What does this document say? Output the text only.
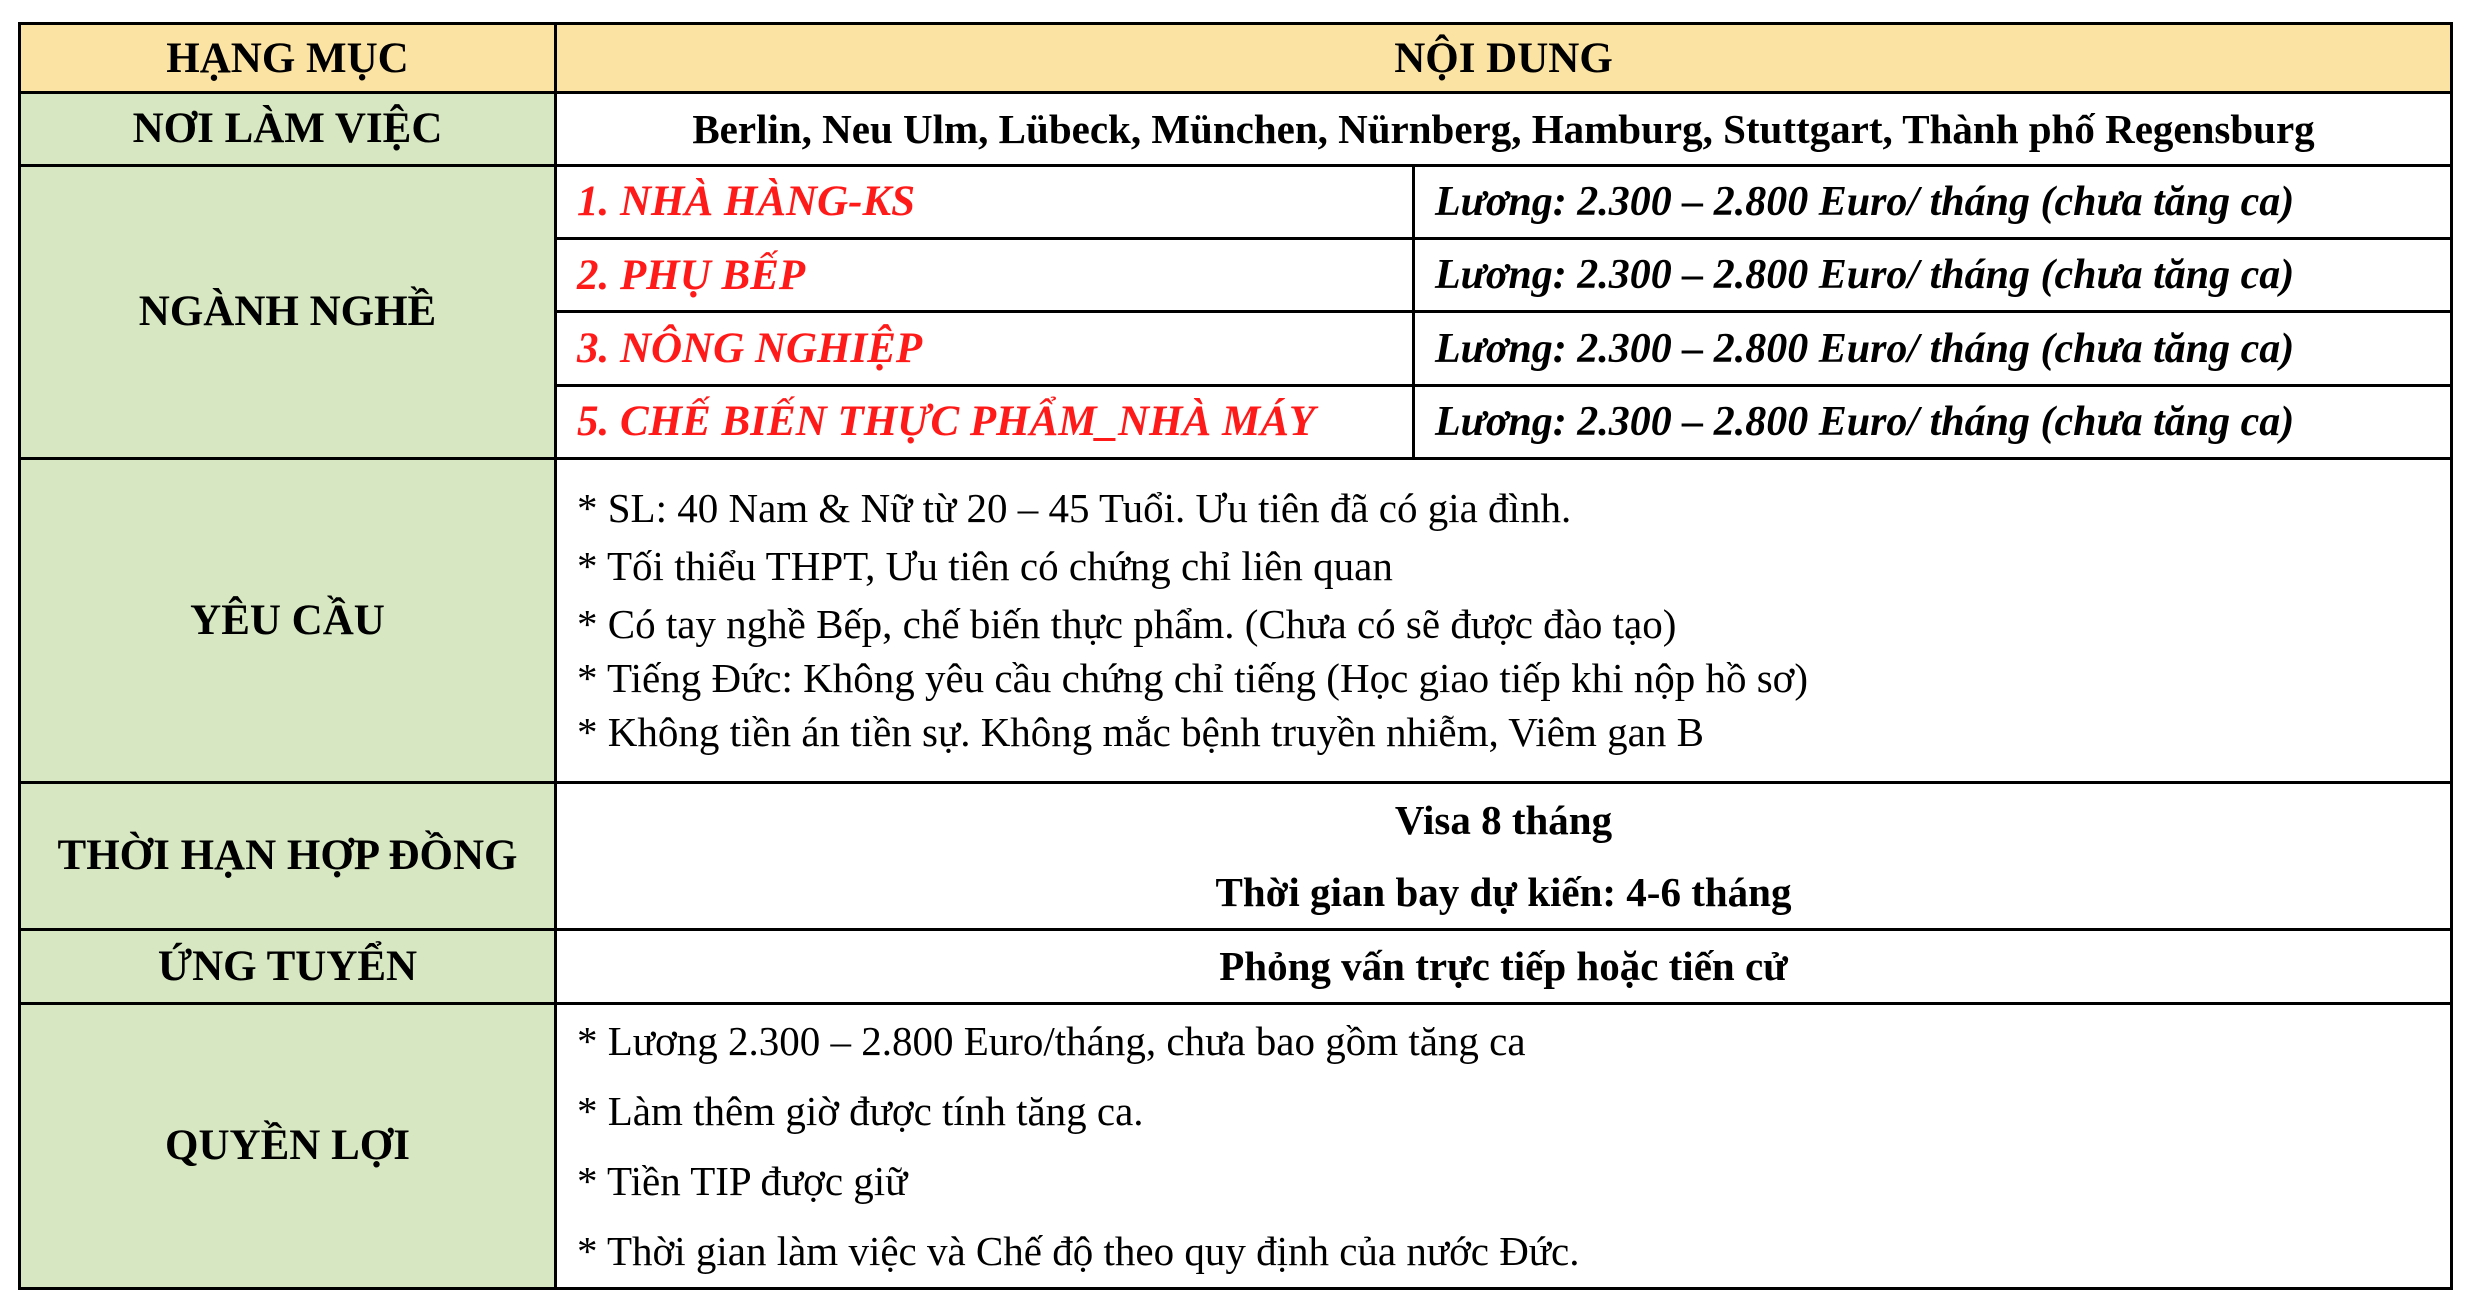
HẠNG MỤC	NỘI DUNG	
NƠI LÀM VIỆC	Berlin, Neu Ulm, Lübeck, München, Nürnberg, Hamburg, Stuttgart, Thành phố Regensburg	
NGÀNH NGHỀ	1. NHÀ HÀNG-KS	Lương: 2.300 – 2.800 Euro/ tháng (chưa tăng ca)
	2. PHỤ BẾP	Lương: 2.300 – 2.800 Euro/ tháng (chưa tăng ca)
	3. NÔNG NGHIỆP	Lương: 2.300 – 2.800 Euro/ tháng (chưa tăng ca)
	5. CHẾ BIẾN THỰC PHẨM_NHÀ MÁY	Lương: 2.300 – 2.800 Euro/ tháng (chưa tăng ca)
YÊU CẦU	* SL: 40 Nam & Nữ từ 20 – 45 Tuổi. Ưu tiên đã có gia đình.
* Tối thiểu THPT, Ưu tiên có chứng chỉ liên quan
* Có tay nghề Bếp, chế biến thực phẩm. (Chưa có sẽ được đào tạo)
* Tiếng Đức: Không yêu cầu chứng chỉ tiếng (Học giao tiếp khi nộp hồ sơ)
* Không tiền án tiền sự. Không mắc bệnh truyền nhiễm, Viêm gan B	

THỜI HẠN HỢP ĐỒNG	Visa 8 tháng
Thời gian bay dự kiến: 4-6 tháng	

ỨNG TUYỂN	Phỏng vấn trực tiếp hoặc tiến cử	
QUYỀN LỢI	* Lương 2.300 – 2.800 Euro/tháng, chưa bao gồm tăng ca
* Làm thêm giờ được tính tăng ca.
* Tiền TIP được giữ
* Thời gian làm việc và Chế độ theo quy định của nước Đức.	
